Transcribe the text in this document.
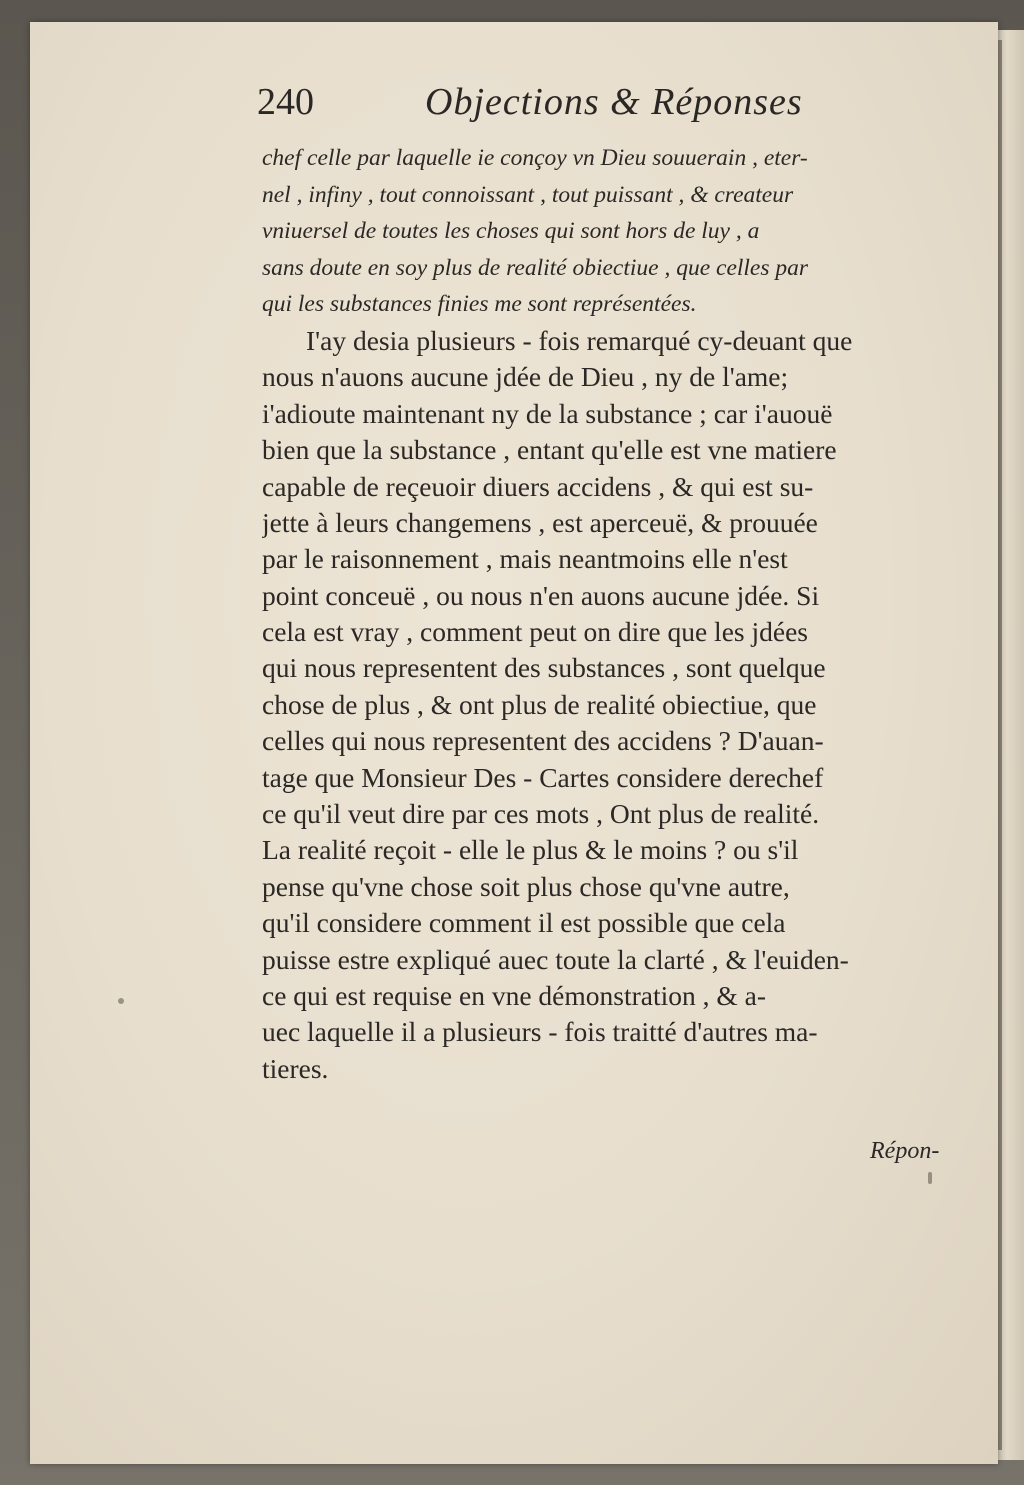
240	Objections & Réponses
chef celle par laquelle ie conçoy vn Dieu souuerain , eter-
nel , infiny , tout connoissant , tout puissant , & createur
vniuersel de toutes les choses qui sont hors de luy , a
sans doute en soy plus de realité obiectiue , que celles par
qui les substances finies me sont représentées.
I'ay desia plusieurs - fois remarqué cy-deuant que
nous n'auons aucune jdée de Dieu , ny de l'ame;
i'adioute maintenant ny de la substance ; car i'auouë
bien que la substance , entant qu'elle est vne matiere
capable de reçeuoir diuers accidens , & qui est su-
jette à leurs changemens , est aperceuë, & prouuée
par le raisonnement , mais neantmoins elle n'est
point conceuë , ou nous n'en auons aucune jdée. Si
cela est vray , comment peut on dire que les jdées
qui nous representent des substances , sont quelque
chose de plus , & ont plus de realité obiectiue, que
celles qui nous representent des accidens ? D'auan-
tage que Monsieur Des - Cartes considere derechef
ce qu'il veut dire par ces mots , Ont plus de realité.
La realité reçoit - elle le plus & le moins ? ou s'il
pense qu'vne chose soit plus chose qu'vne autre,
qu'il considere comment il est possible que cela
puisse estre expliqué auec toute la clarté , & l'euiden-
ce qui est requise en vne démonstration , & a-
uec laquelle il a plusieurs - fois traitté d'autres ma-
tieres.
Répon-
